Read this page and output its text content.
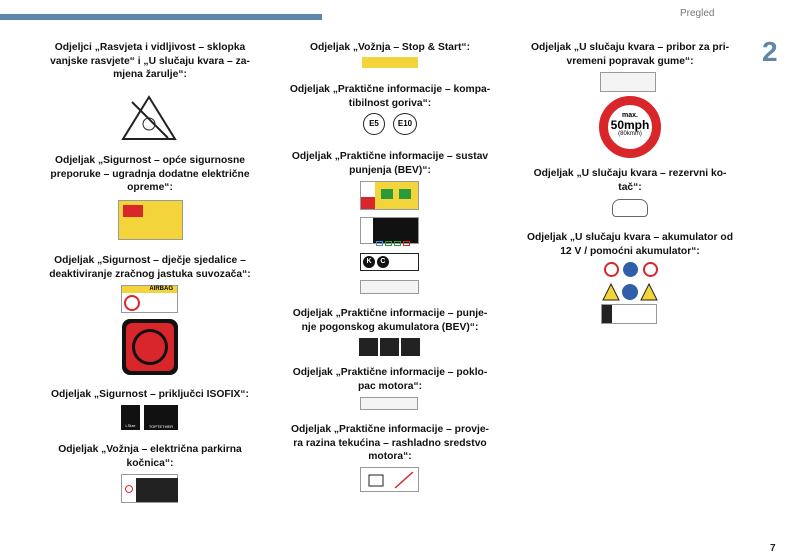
Pregled
2
7
Odjeljci „Rasvjeta i vidljivost – sklopka
vanjske rasvjete“ i „U slučaju kvara – za-
mjena žarulje“:
Odjeljak „Sigurnost – opće sigurnosne
preporuke – ugradnja dodatne električne
opreme“:
Odjeljak „Sigurnost – dječje sjedalice –
deaktiviranje zračnog jastuka suvozača“:
AIRBAG
Odjeljak „Sigurnost – priključci ISOFIX“:
i-Size	TOPTETHER
Odjeljak „Vožnja – električna parkirna
kočnica“:
Odjeljak „Vožnja – Stop & Start“:
Odjeljak „Praktične informacije – kompa-
tibilnost goriva“:
E5	E10
Odjeljak „Praktične informacije – sustav
punjenja (BEV)“:
K C
Odjeljak „Praktične informacije – punje-
nje pogonskog akumulatora (BEV)“:
Odjeljak „Praktične informacije – poklo-
pac motora“:
Odjeljak „Praktične informacije – provje-
ra razina tekućina – rashladno sredstvo
motora“:
Odjeljak „U slučaju kvara – pribor za pri-
vremeni popravak gume“:
max.
50mph
(80km/h)
Odjeljak „U slučaju kvara – rezervni ko-
tač“:
Odjeljak „U slučaju kvara – akumulator od
12 V / pomoćni akumulator“:
